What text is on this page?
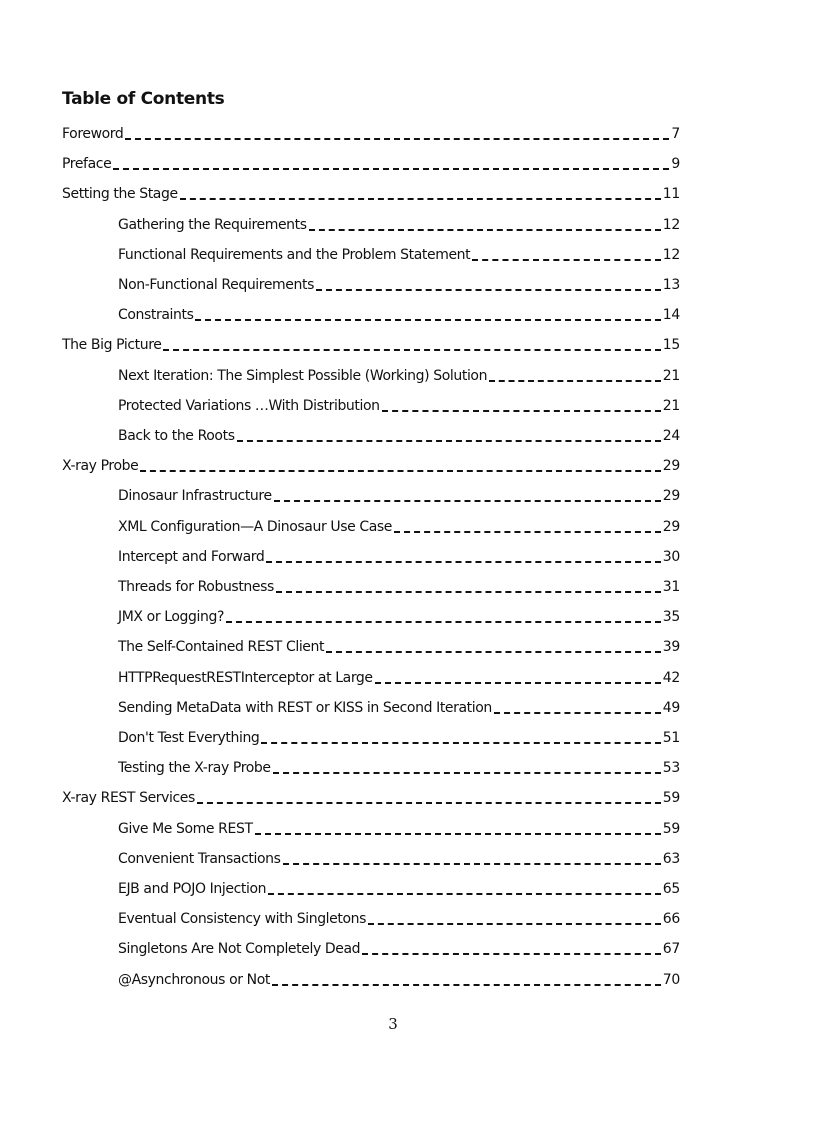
Table of Contents
Foreword	7
Preface	9
Setting the Stage	11
Gathering the Requirements	12
Functional Requirements and the Problem Statement	12
Non-Functional Requirements	13
Constraints	14
The Big Picture	15
Next Iteration: The Simplest Possible (Working) Solution	21
Protected Variations …With Distribution	21
Back to the Roots	24
X-ray Probe	29
Dinosaur Infrastructure	29
XML Configuration—A Dinosaur Use Case	29
Intercept and Forward	30
Threads for Robustness	31
JMX or Logging?	35
The Self-Contained REST Client	39
HTTPRequestRESTInterceptor at Large	42
Sending MetaData with REST or KISS in Second Iteration	49
Don't Test Everything	51
Testing the X-ray Probe	53
X-ray REST Services	59
Give Me Some REST	59
Convenient Transactions	63
EJB and POJO Injection	65
Eventual Consistency with Singletons	66
Singletons Are Not Completely Dead	67
@Asynchronous or Not	70
3
